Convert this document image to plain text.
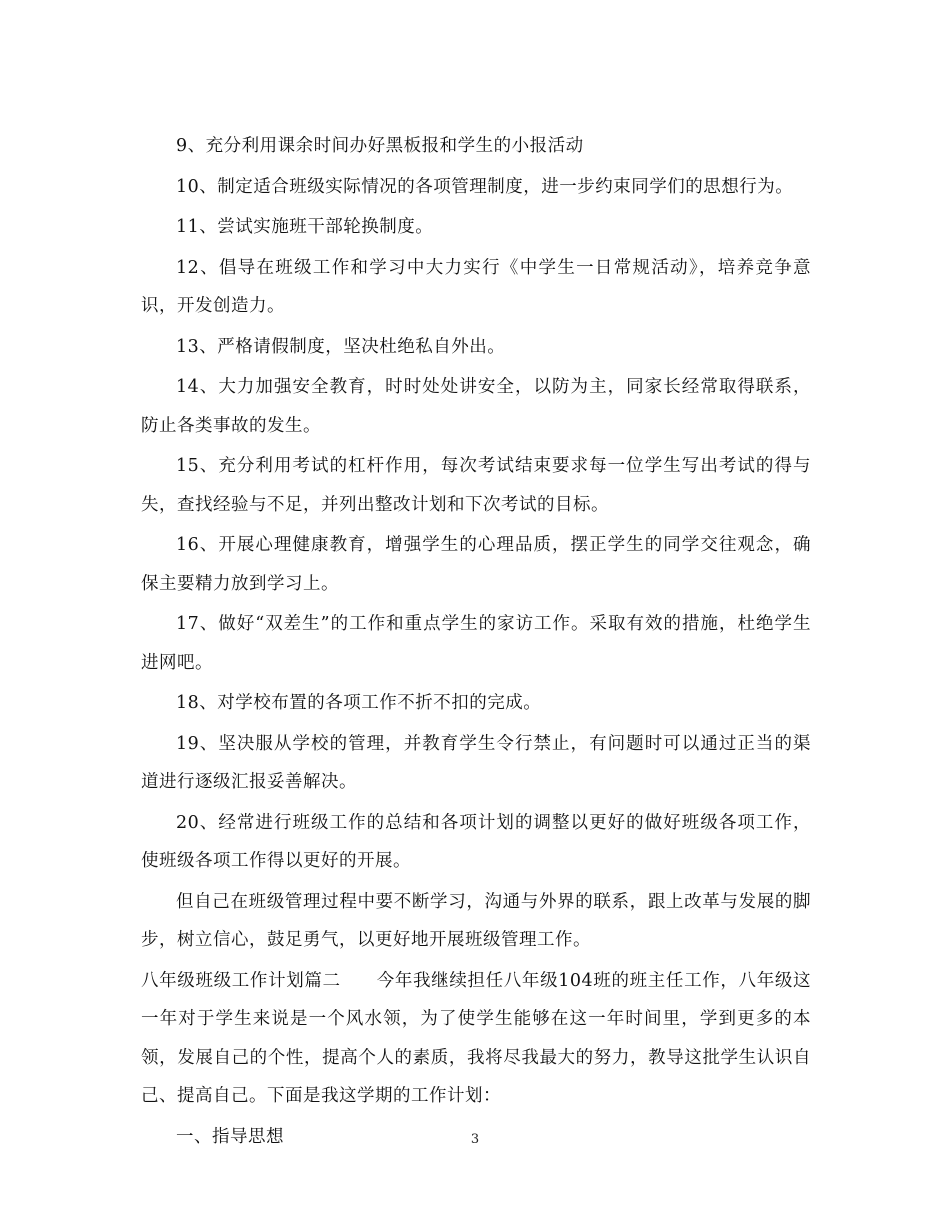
9、充分利用课余时间办好黑板报和学生的小报活动

10、制定适合班级实际情况的各项管理制度，进一步约束同学们的思想行为。

11、尝试实施班干部轮换制度。

12、倡导在班级工作和学习中大力实行《中学生一日常规活动》，培养竞争意识，开发创造力。

13、严格请假制度，坚决杜绝私自外出。

14、大力加强安全教育，时时处处讲安全，以防为主，同家长经常取得联系，防止各类事故的发生。

15、充分利用考试的杠杆作用，每次考试结束要求每一位学生写出考试的得与失，查找经验与不足，并列出整改计划和下次考试的目标。

16、开展心理健康教育，增强学生的心理品质，摆正学生的同学交往观念，确保主要精力放到学习上。

17、做好“双差生”的工作和重点学生的家访工作。采取有效的措施，杜绝学生进网吧。

18、对学校布置的各项工作不折不扣的完成。

19、坚决服从学校的管理，并教育学生令行禁止，有问题时可以通过正当的渠道进行逐级汇报妥善解决。

20、经常进行班级工作的总结和各项计划的调整以更好的做好班级各项工作，使班级各项工作得以更好的开展。

但自己在班级管理过程中要不断学习，沟通与外界的联系，跟上改革与发展的脚步，树立信心，鼓足勇气，以更好地开展班级管理工作。

八年级班级工作计划篇二 今年我继续担任八年级104班的班主任工作，八年级这一年对于学生来说是一个风水领，为了使学生能够在这一年时间里，学到更多的本领，发展自己的个性，提高个人的素质，我将尽我最大的努力，教导这批学生认识自己、提高自己。下面是我这学期的工作计划：

一、指导思想	3
